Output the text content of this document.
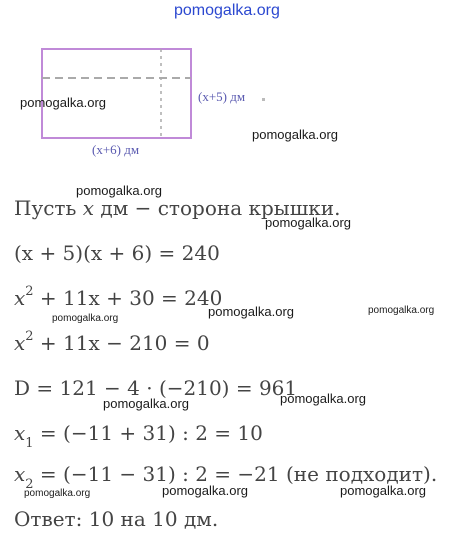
pomogalka.org
(x+5) дм
(x+6) дм
pomogalka.org
pomogalka.org
pomogalka.org
Пусть x дм − сторона крышки.
pomogalka.org
(x + 5)(x + 6) = 240
$x^2 + 11x + 30 = 240$
pomogalka.org	pomogalka.org
pomogalka.org
$x^2 + 11x - 210 = 0$
D = 121 − 4 · (−210) = 961
pomogalka.org	pomogalka.org
$x_1 = (-11 + 31)$ : 2 = 10
$x_2 = (-11 - 31)$ : 2 = −21 (не подходит).
pomogalka.org	pomogalka.org	pomogalka.org
Ответ: 10 на 10 дм.
